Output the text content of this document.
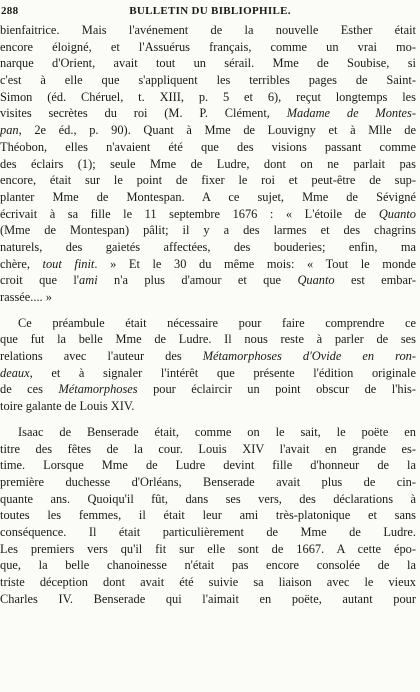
288	BULLETIN DU BIBLIOPHILE.
bienfaitrice. Mais l'avénement de la nouvelle Esther était
encore éloigné, et l'Assuérus français, comme un vrai mo-
narque d'Orient, avait tout un sérail. Mme de Soubise, si
c'est à elle que s'appliquent les terribles pages de Saint-
Simon (éd. Chéruel, t. XIII, p. 5 et 6), reçut longtemps les
visites secrètes du roi (M. P. Clément, Madame de Montes-
pan, 2e éd., p. 90). Quant à Mme de Louvigny et à Mlle de
Théobon, elles n'avaient été que des visions passant comme
des éclairs (1); seule Mme de Ludre, dont on ne parlait pas
encore, était sur le point de fixer le roi et peut-être de sup-
planter Mme de Montespan. A ce sujet, Mme de Sévigné
écrivait à sa fille le 11 septembre 1676 : « L'étoile de Quanto
(Mme de Montespan) pâlit; il y a des larmes et des chagrins
naturels, des gaietés affectées, des bouderies; enfin, ma
chère, tout finit. » Et le 30 du même mois: « Tout le monde
croit que l'ami n'a plus d'amour et que Quanto est embar-
rassée.... »
Ce préambule était nécessaire pour faire comprendre ce
que fut la belle Mme de Ludre. Il nous reste à parler de ses
relations avec l'auteur des Métamorphoses d'Ovide en ron-
deaux, et à signaler l'intérêt que présente l'édition originale
de ces Métamorphoses pour éclaircir un point obscur de l'his-
toire galante de Louis XIV.
Isaac de Benserade était, comme on le sait, le poëte en
titre des fêtes de la cour. Louis XIV l'avait en grande es-
time. Lorsque Mme de Ludre devint fille d'honneur de la
première duchesse d'Orléans, Benserade avait plus de cin-
quante ans. Quoiqu'il fût, dans ses vers, des déclarations à
toutes les femmes, il était leur ami très-platonique et sans
conséquence. Il était particulièrement de Mme de Ludre.
Les premiers vers qu'il fit sur elle sont de 1667. A cette épo-
que, la belle chanoinesse n'était pas encore consolée de la
triste déception dont avait été suivie sa liaison avec le vieux
Charles IV. Benserade qui l'aimait en poëte, autant pour
